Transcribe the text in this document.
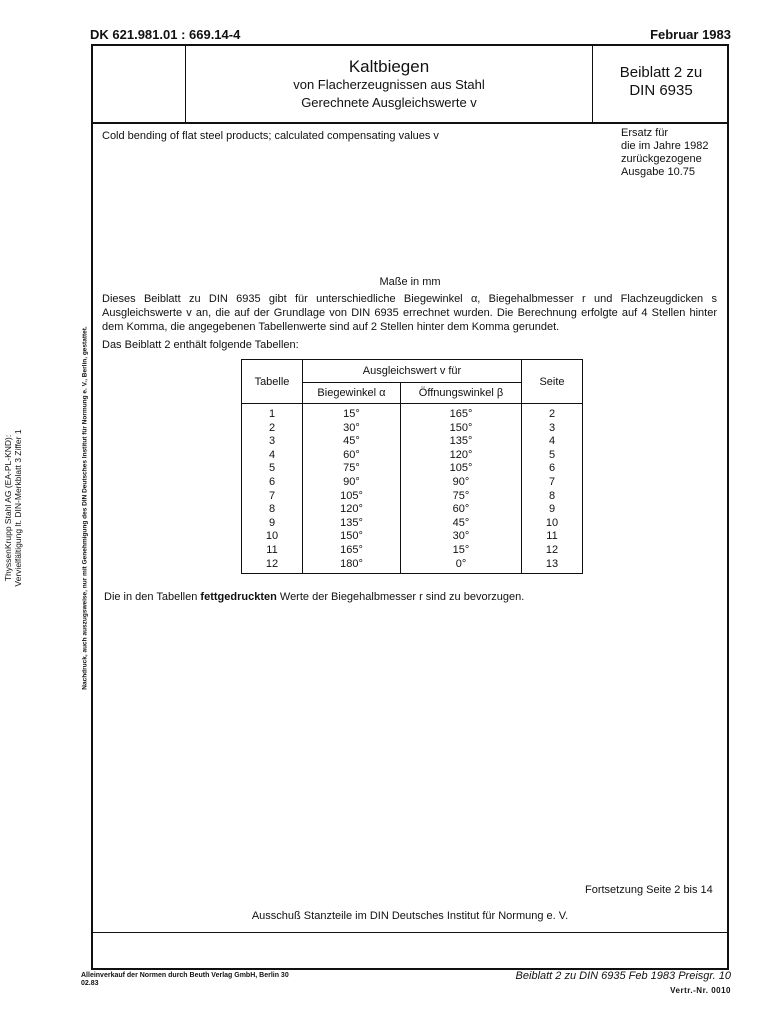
DK 621.981.01 : 669.14-4	Februar 1983
Kaltbiegen
von Flacherzeugnissen aus Stahl
Gerechnete Ausgleichswerte v
Beiblatt 2 zu
DIN 6935
Cold bending of flat steel products; calculated compensating values v	Ersatz für
die im Jahre 1982
zurückgezogene
Ausgabe 10.75
Maße in mm
Dieses Beiblatt zu DIN 6935 gibt für unterschiedliche Biegewinkel α, Biegehalbmesser r und Flachzeugdicken s Ausgleichswerte v an, die auf der Grundlage von DIN 6935 errechnet wurden. Die Berechnung erfolgte auf 4 Stellen hinter dem Komma, die angegebenen Tabellenwerte sind auf 2 Stellen hinter dem Komma gerundet.
Das Beiblatt 2 enthält folgende Tabellen:
Tabelle	Ausgleichswert v für		Seite
	Biegewinkel α	Öffnungswinkel β	
1	15°	165°	2
2	30°	150°	3
3	45°	135°	4
4	60°	120°	5
5	75°	105°	6
6	90°	90°	7
7	105°	75°	8
8	120°	60°	9
9	135°	45°	10
10	150°	30°	11
11	165°	15°	12
12	180°	0°	13
Die in den Tabellen fettgedruckten Werte der Biegehalbmesser r sind zu bevorzugen.
Fortsetzung Seite 2 bis 14
Ausschuß Stanzteile im DIN Deutsches Institut für Normung e. V.
Alleinverkauf der Normen durch Beuth Verlag GmbH, Berlin 30
02.83
Beiblatt 2 zu DIN 6935 Feb 1983 Preisgr. 10
Vertr.-Nr. 0010
ThyssenKrupp Stahl AG (EA-PL-KND): Vervielfältigung lt. DIN-Merkblatt 3 Ziffer 1	Nachdruck, auch auszugsweise, nur mit Genehmigung des DIN Deutsches Institut für Normung e. V., Berlin, gestattet.
